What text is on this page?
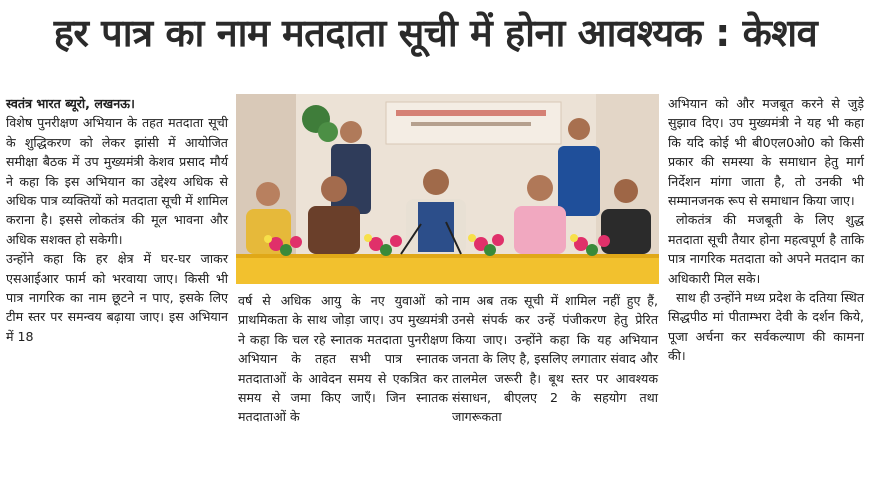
हर पात्र का नाम मतदाता सूची में होना आवश्यक : केशव

स्वतंत्र भारत ब्यूरो, लखनऊ।
विशेष पुनरीक्षण अभियान के तहत मतदाता सूची के शुद्धिकरण को लेकर झांसी में आयोजित समीक्षा बैठक में उप मुख्यमंत्री केशव प्रसाद मौर्य ने कहा कि इस अभियान का उद्देश्य अधिक से अधिक पात्र व्यक्तियों को मतदाता सूची में शामिल कराना है। इससे लोकतंत्र की मूल भावना और अधिक सशक्त हो सकेगी।

उन्होंने कहा कि हर क्षेत्र में घर-घर जाकर एसआईआर फार्म को भरवाया जाए। किसी भी पात्र नागरिक का नाम छूटने न पाए, इसके लिए टीम स्तर पर समन्वय बढ़ाया जाए। इस अभियान में 18

वर्ष से अधिक आयु के नए युवाओं को प्राथमिकता के साथ जोड़ा जाए। उप मुख्यमंत्री ने कहा कि चल रहे स्नातक मतदाता पुनरीक्षण अभियान के तहत सभी पात्र स्नातक मतदाताओं के आवेदन समय से एकत्रित कर समय से जमा किए जाएँ। जिन स्नातक मतदाताओं के

नाम अब तक सूची में शामिल नहीं हुए हैं, उनसे संपर्क कर उन्हें पंजीकरण हेतु प्रेरित किया जाए। उन्होंने कहा कि यह अभियान जनता के लिए है, इसलिए लगातार संवाद और तालमेल जरूरी है। बूथ स्तर पर आवश्यक संसाधन, बीएलए 2 के सहयोग तथा जागरूकता

अभियान को और मजबूत करने से जुड़े सुझाव दिए। उप मुख्यमंत्री ने यह भी कहा कि यदि कोई भी बी0एल0ओ0 को किसी प्रकार की समस्या के समाधान हेतु मार्ग निर्देशन मांगा जाता है, तो उनकी भी सम्मानजनक रूप से समाधान किया जाए।

लोकतंत्र की मजबूती के लिए शुद्ध मतदाता सूची तैयार होना महत्वपूर्ण है ताकि पात्र नागरिक मतदाता को अपने मतदान का अधिकारी मिल सके।

साथ ही उन्होंने मध्य प्रदेश के दतिया स्थित सिद्धपीठ मां पीताम्भरा देवी के दर्शन किये, पूजा अर्चना कर सर्वकल्याण की कामना की।
